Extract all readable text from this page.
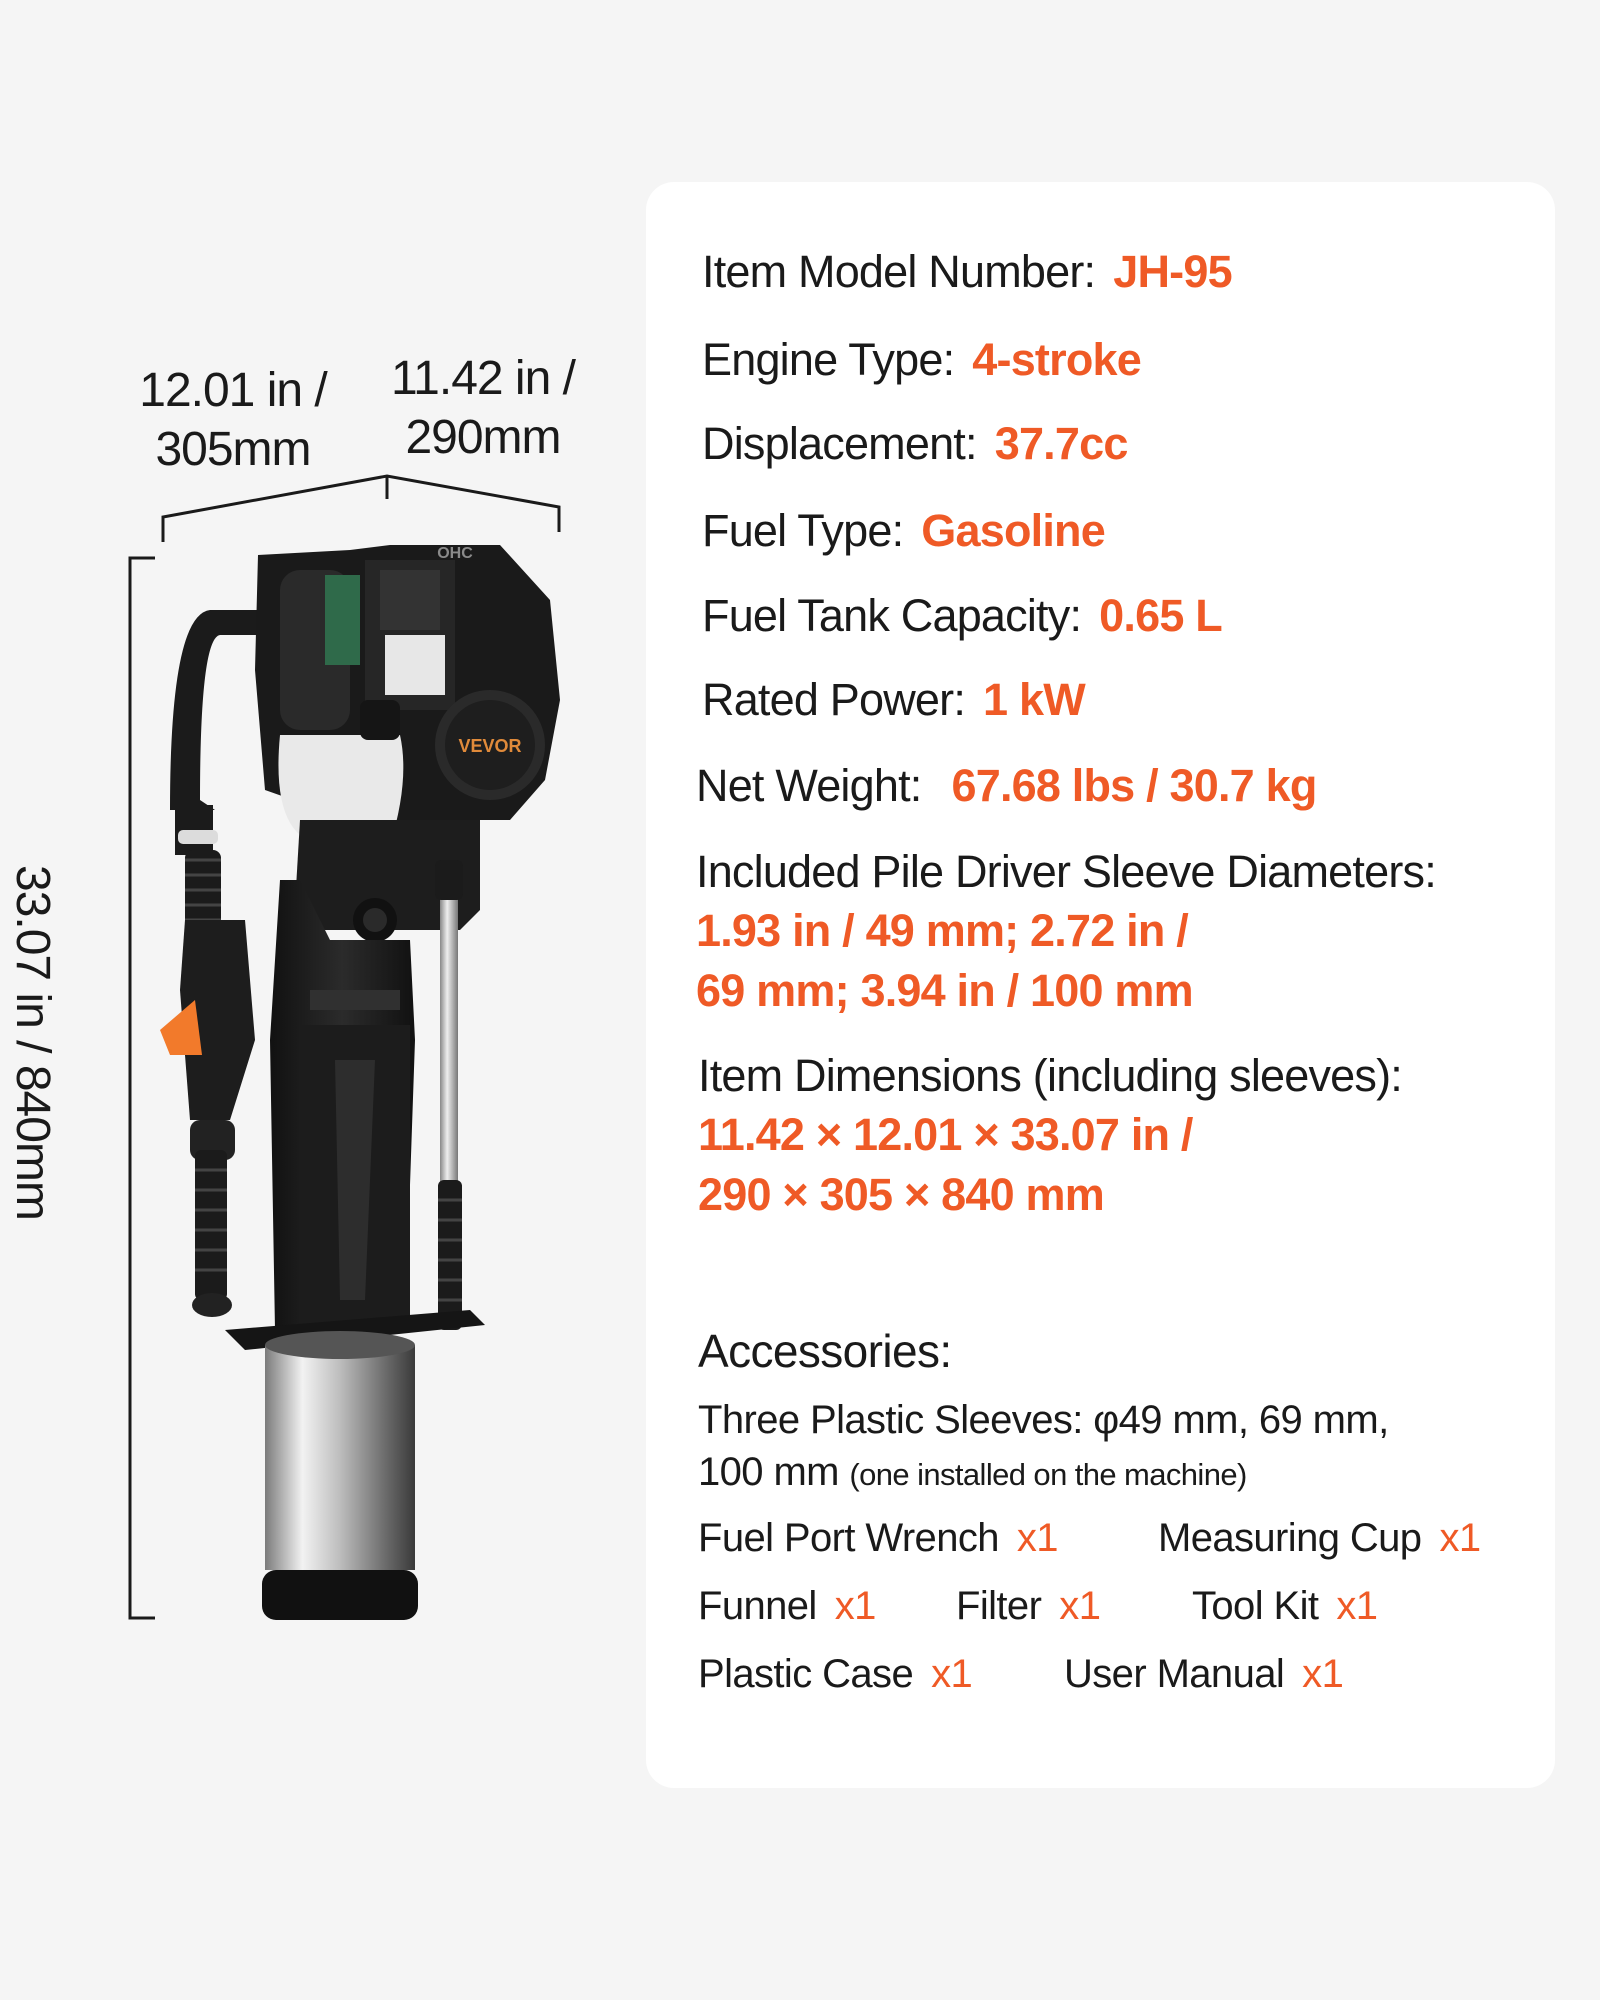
12.01 in /
305mm
11.42 in /
290mm
33.07 in / 840mm
VEVOR
OHC
Item Model Number: JH-95
Engine Type: 4-stroke
Displacement: 37.7cc
Fuel Type: Gasoline
Fuel Tank Capacity: 0.65 L
Rated Power: 1 kW
Net Weight: 67.68 lbs / 30.7 kg
Included Pile Driver Sleeve Diameters:
1.93 in / 49 mm; 2.72 in /
69 mm; 3.94 in / 100 mm
Item Dimensions (including sleeves):
11.42 × 12.01 × 33.07 in /
290 × 305 × 840 mm
Accessories:
Three Plastic Sleeves: φ49 mm, 69 mm,
100 mm (one installed on the machine)
Fuel Port Wrench x1	Measuring Cup x1
Funnel x1 Filter x1 Tool Kit x1
Plastic Case x1 User Manual x1
